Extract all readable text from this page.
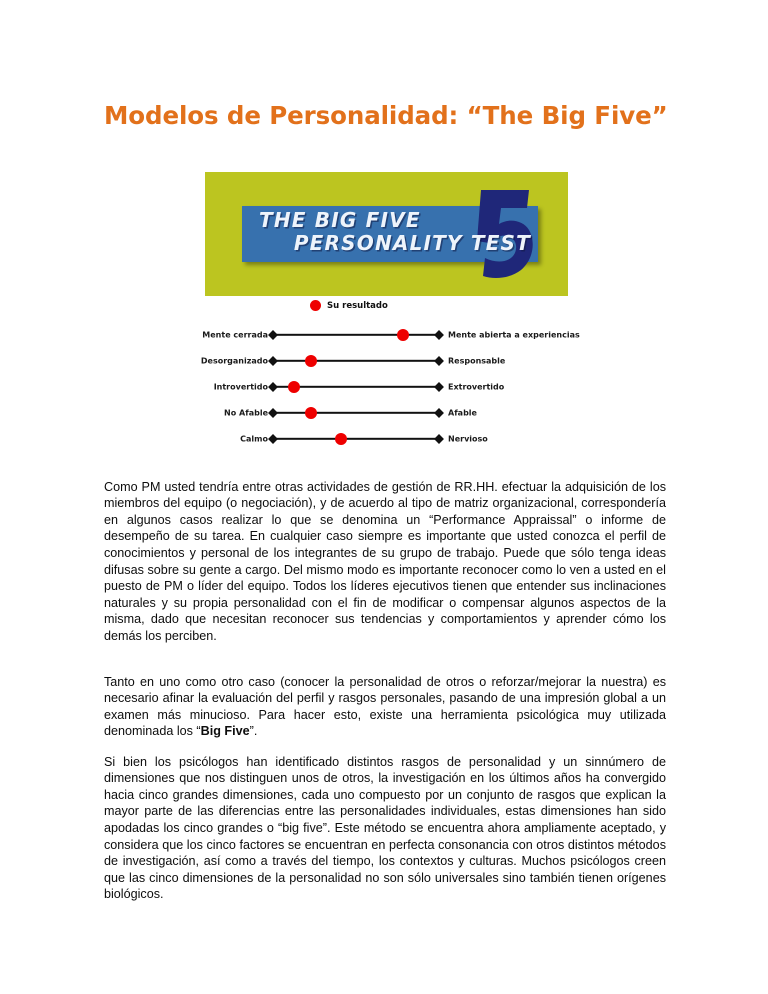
Modelos de Personalidad: “The Big Five”
THE BIG FIVE
PERSONALITY TEST
Su resultado
Mente cerrada	Mente abierta a experiencias
Desorganizado	Responsable
Introvertido	Extrovertido
No Afable	Afable
Calmo	Nervioso

Como PM usted tendría entre otras actividades de gestión de RR.HH. efectuar la adquisición de los miembros del equipo (o negociación), y de acuerdo al tipo de matriz organizacional, correspondería en algunos casos realizar lo que se denomina un “Performance Appraissal” o informe de desempeño de su tarea. En cualquier caso siempre es importante que usted conozca el perfil de conocimientos y personal de los integrantes de su grupo de trabajo. Puede que sólo tenga ideas difusas sobre su gente a cargo. Del mismo modo es importante reconocer como lo ven a usted en el puesto de PM o líder del equipo. Todos los líderes ejecutivos tienen que entender sus inclinaciones naturales y su propia personalidad con el fin de modificar o compensar algunos aspectos de la misma, dado que necesitan reconocer sus tendencias y comportamientos y aprender cómo los demás los perciben.

Tanto en uno como otro caso (conocer la personalidad de otros o reforzar/mejorar la nuestra) es necesario afinar la evaluación del perfil y rasgos personales, pasando de una impresión global a un examen más minucioso. Para hacer esto, existe una herramienta psicológica muy utilizada denominada los “Big Five”.

Si bien los psicólogos han identificado distintos rasgos de personalidad y un sinnúmero de dimensiones que nos distinguen unos de otros, la investigación en los últimos años ha convergido hacia cinco grandes dimensiones, cada uno compuesto por un conjunto de rasgos que explican la mayor parte de las diferencias entre las personalidades individuales, estas dimensiones han sido apodadas los cinco grandes o “big five”. Este método se encuentra ahora ampliamente aceptado, y considera que los cinco factores se encuentran en perfecta consonancia con otros distintos métodos de investigación, así como a través del tiempo, los contextos y culturas. Muchos psicólogos creen que las cinco dimensiones de la personalidad no son sólo universales sino también tienen orígenes biológicos.
